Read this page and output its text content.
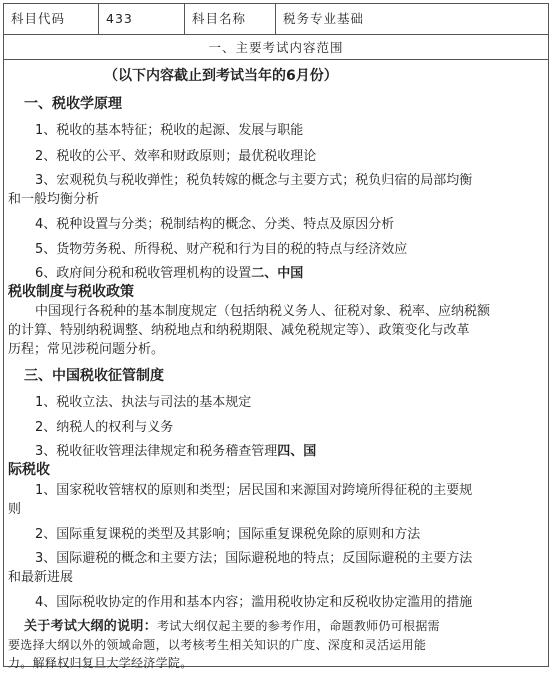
科目代码	433	科目名称	税务专业基础
一、主要考试内容范围
（以下内容截止到考试当年的6月份）
一、税收学原理
1、税收的基本特征；税收的起源、发展与职能
2、税收的公平、效率和财政原则；最优税收理论
3、宏观税负与税收弹性；税负转嫁的概念与主要方式；税负归宿的局部均衡
和一般均衡分析
4、税种设置与分类；税制结构的概念、分类、特点及原因分析
5、货物劳务税、所得税、财产税和行为目的税的特点与经济效应
6、政府间分税和税收管理机构的设置二、中国
税收制度与税收政策
中国现行各税种的基本制度规定（包括纳税义务人、征税对象、税率、应纳税额
的计算、特别纳税调整、纳税地点和纳税期限、减免税规定等）、政策变化与改革
历程；常见涉税问题分析。
三、中国税收征管制度
1、税收立法、执法与司法的基本规定
2、纳税人的权利与义务
3、税收征收管理法律规定和税务稽查管理四、国
际税收
1、国家税收管辖权的原则和类型；居民国和来源国对跨境所得征税的主要规
则
2、国际重复课税的类型及其影响；国际重复课税免除的原则和方法
3、国际避税的概念和主要方法；国际避税地的特点；反国际避税的主要方法
和最新进展
4、国际税收协定的作用和基本内容；滥用税收协定和反税收协定滥用的措施
关于考试大纲的说明：考试大纲仅起主要的参考作用，命题教师仍可根据需
要选择大纲以外的领域命题，以考核考生相关知识的广度、深度和灵活运用能
力。解释权归复旦大学经济学院。
